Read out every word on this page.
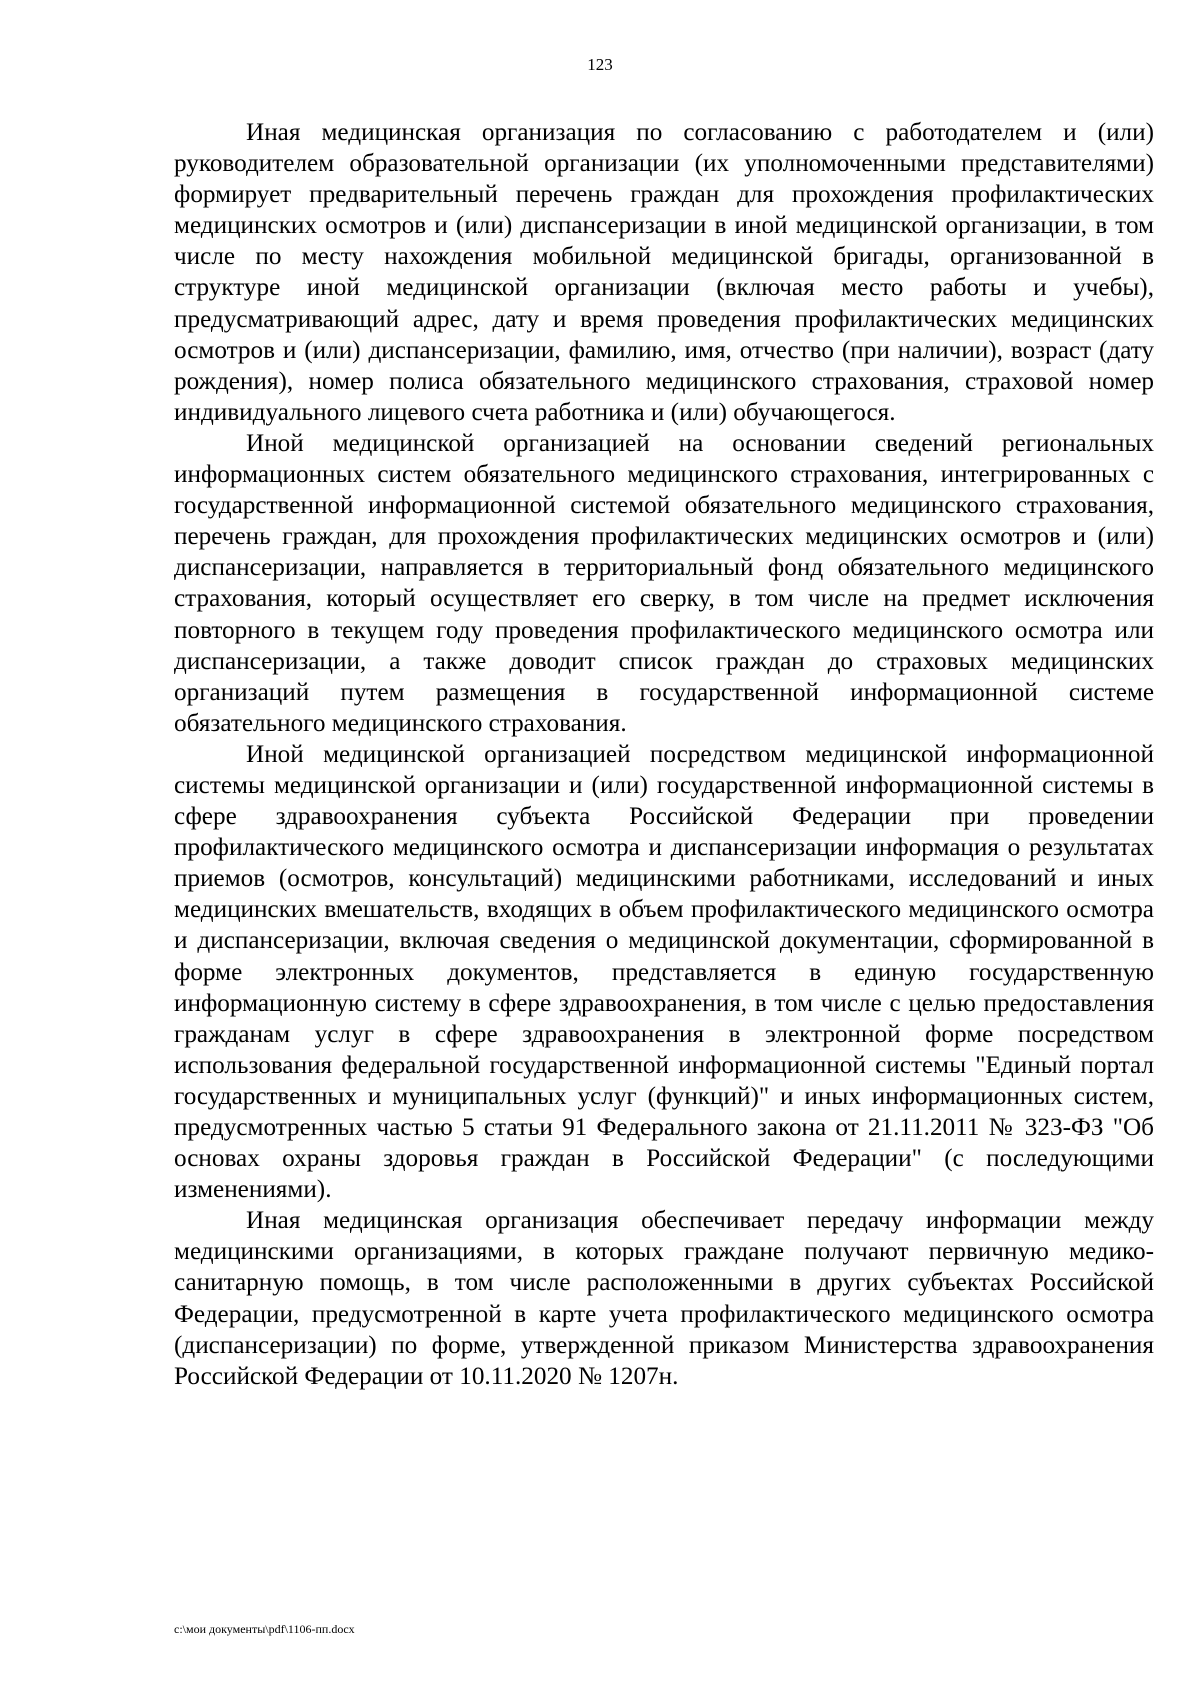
123

Иная медицинская организация по согласованию с работодателем и (или) руководителем образовательной организации (их уполномоченными представителями) формирует предварительный перечень граждан для прохождения профилактических медицинских осмотров и (или) диспансеризации в иной медицинской организации, в том числе по месту нахождения мобильной медицинской бригады, организованной в структуре иной медицинской организации (включая место работы и учебы), предусматривающий адрес, дату и время проведения профилактических медицинских осмотров и (или) диспансеризации, фамилию, имя, отчество (при наличии), возраст (дату рождения), номер полиса обязательного медицинского страхования, страховой номер индивидуального лицевого счета работника и (или) обучающегося.

Иной медицинской организацией на основании сведений региональных информационных систем обязательного медицинского страхования, интегрированных с государственной информационной системой обязательного медицинского страхования, перечень граждан, для прохождения профилактических медицинских осмотров и (или) диспансеризации, направляется в территориальный фонд обязательного медицинского страхования, который осуществляет его сверку, в том числе на предмет исключения повторного в текущем году проведения профилактического медицинского осмотра или диспансеризации, а также доводит список граждан до страховых медицинских организаций путем размещения в государственной информационной системе обязательного медицинского страхования.

Иной медицинской организацией посредством медицинской информационной системы медицинской организации и (или) государственной информационной системы в сфере здравоохранения субъекта Российской Федерации при проведении профилактического медицинского осмотра и диспансеризации информация о результатах приемов (осмотров, консультаций) медицинскими работниками, исследований и иных медицинских вмешательств, входящих в объем профилактического медицинского осмотра и диспансеризации, включая сведения о медицинской документации, сформированной в форме электронных документов, представляется в единую государственную информационную систему в сфере здравоохранения, в том числе с целью предоставления гражданам услуг в сфере здравоохранения в электронной форме посредством использования федеральной государственной информационной системы "Единый портал государственных и муниципальных услуг (функций)" и иных информационных систем, предусмотренных частью 5 статьи 91 Федерального закона от 21.11.2011 № 323-ФЗ "Об основах охраны здоровья граждан в Российской Федерации" (с последующими изменениями).

Иная медицинская организация обеспечивает передачу информации между медицинскими организациями, в которых граждане получают первичную медико-санитарную помощь, в том числе расположенными в других субъектах Российской Федерации, предусмотренной в карте учета профилактического медицинского осмотра (диспансеризации) по форме, утвержденной приказом Министерства здравоохранения Российской Федерации от 10.11.2020 № 1207н.

c:\мои документы\pdf\1106-пп.docx
